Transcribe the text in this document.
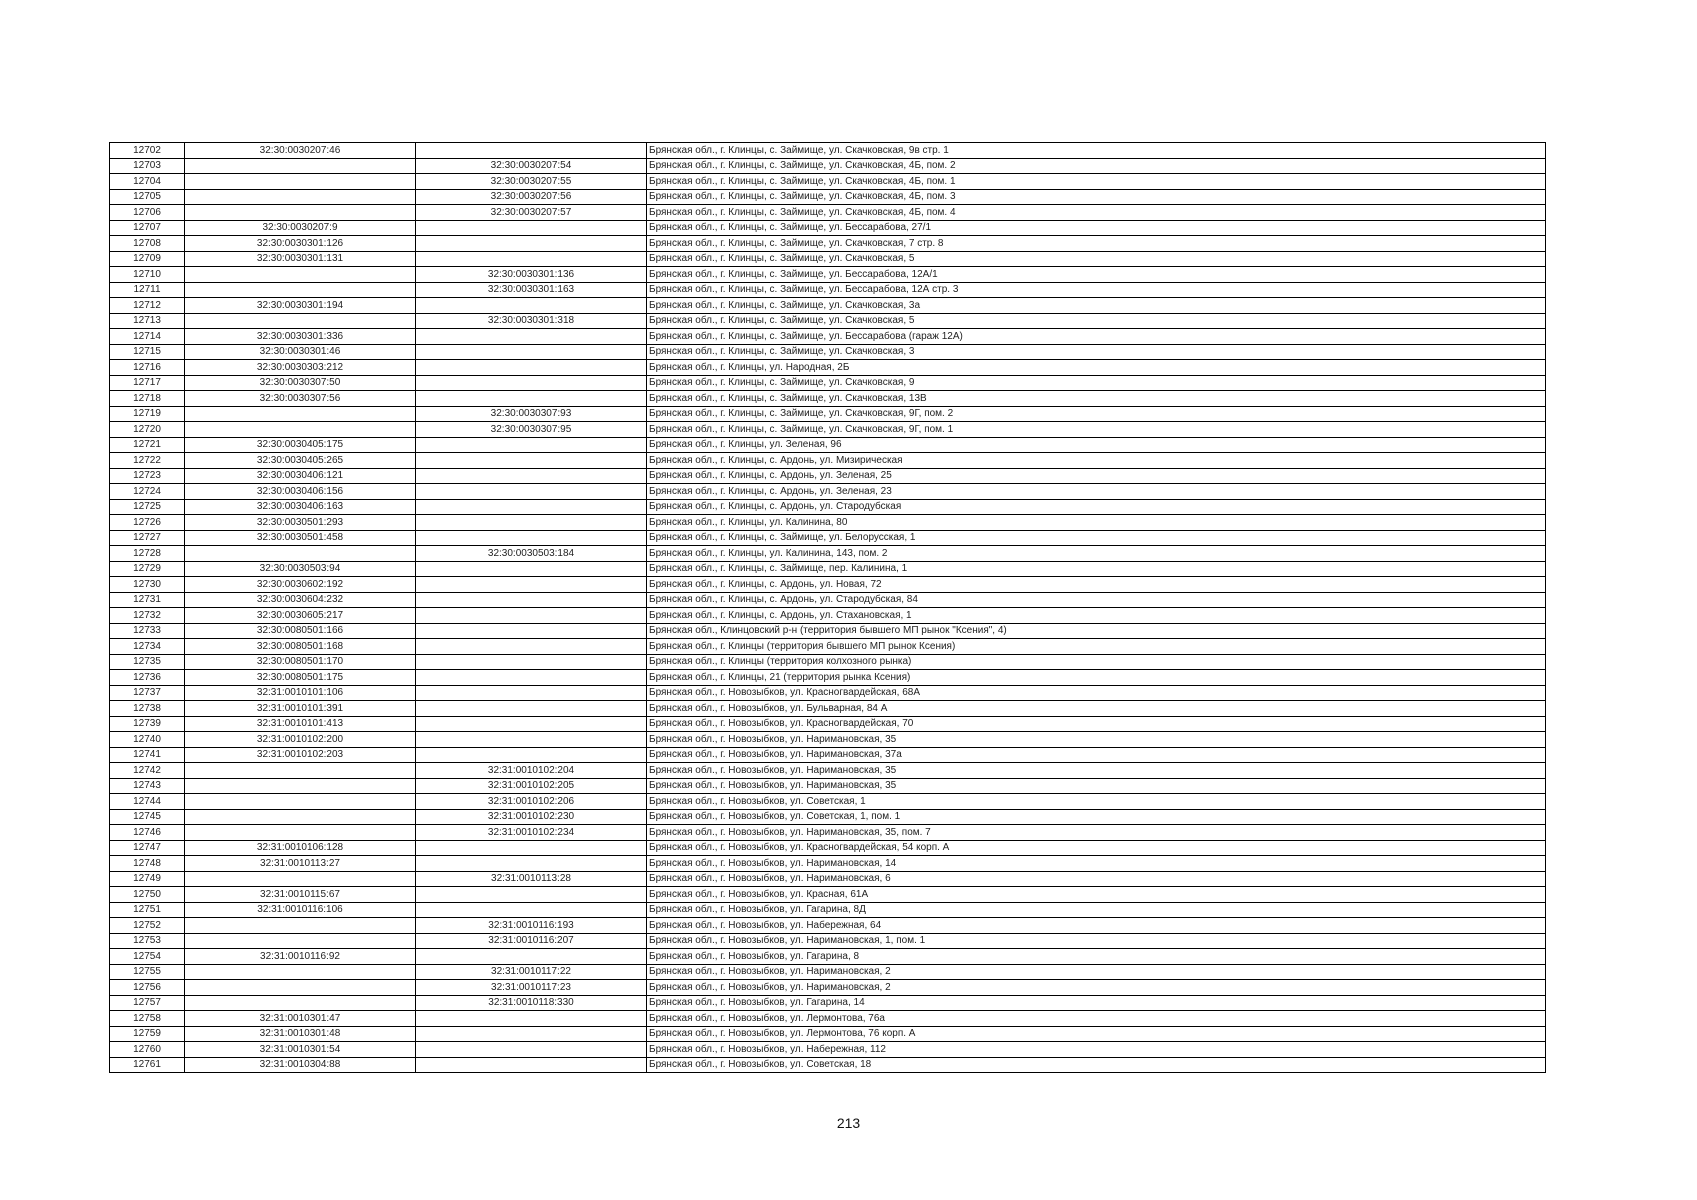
12702	32:30:0030207:46		Брянская обл., г. Клинцы, с. Займище, ул. Скачковская, 9в стр. 1
12703		32:30:0030207:54	Брянская обл., г. Клинцы, с. Займище, ул. Скачковская, 4Б, пом. 2
12704		32:30:0030207:55	Брянская обл., г. Клинцы, с. Займище, ул. Скачковская, 4Б, пом. 1
12705		32:30:0030207:56	Брянская обл., г. Клинцы, с. Займище, ул. Скачковская, 4Б, пом. 3
12706		32:30:0030207:57	Брянская обл., г. Клинцы, с. Займище, ул. Скачковская, 4Б, пом. 4
12707	32:30:0030207:9		Брянская обл., г. Клинцы, с. Займище, ул. Бессарабова, 27/1
12708	32:30:0030301:126		Брянская обл., г. Клинцы, с. Займище, ул. Скачковская, 7 стр. 8
12709	32:30:0030301:131		Брянская обл., г. Клинцы, с. Займище, ул. Скачковская, 5
12710		32:30:0030301:136	Брянская обл., г. Клинцы, с. Займище, ул. Бессарабова, 12А/1
12711		32:30:0030301:163	Брянская обл., г. Клинцы, с. Займище, ул. Бессарабова, 12А стр. 3
12712	32:30:0030301:194		Брянская обл., г. Клинцы, с. Займище, ул. Скачковская, 3а
12713		32:30:0030301:318	Брянская обл., г. Клинцы, с. Займище, ул. Скачковская, 5
12714	32:30:0030301:336		Брянская обл., г. Клинцы, с. Займище, ул. Бессарабова (гараж 12А)
12715	32:30:0030301:46		Брянская обл., г. Клинцы, с. Займище, ул. Скачковская, 3
12716	32:30:0030303:212		Брянская обл., г. Клинцы, ул. Народная, 2Б
12717	32:30:0030307:50		Брянская обл., г. Клинцы, с. Займище, ул. Скачковская, 9
12718	32:30:0030307:56		Брянская обл., г. Клинцы, с. Займище, ул. Скачковская, 13В
12719		32:30:0030307:93	Брянская обл., г. Клинцы, с. Займище, ул. Скачковская, 9Г, пом. 2
12720		32:30:0030307:95	Брянская обл., г. Клинцы, с. Займище, ул. Скачковская, 9Г, пом. 1
12721	32:30:0030405:175		Брянская обл., г. Клинцы, ул. Зеленая, 96
12722	32:30:0030405:265		Брянская обл., г. Клинцы, с. Ардонь, ул. Мизирическая
12723	32:30:0030406:121		Брянская обл., г. Клинцы, с. Ардонь, ул. Зеленая, 25
12724	32:30:0030406:156		Брянская обл., г. Клинцы, с. Ардонь, ул. Зеленая, 23
12725	32:30:0030406:163		Брянская обл., г. Клинцы, с. Ардонь, ул. Стародубская
12726	32:30:0030501:293		Брянская обл., г. Клинцы, ул. Калинина, 80
12727	32:30:0030501:458		Брянская обл., г. Клинцы, с. Займище, ул. Белорусская, 1
12728		32:30:0030503:184	Брянская обл., г. Клинцы, ул. Калинина, 143, пом. 2
12729	32:30:0030503:94		Брянская обл., г. Клинцы, с. Займище, пер. Калинина, 1
12730	32:30:0030602:192		Брянская обл., г. Клинцы, с. Ардонь, ул. Новая, 72
12731	32:30:0030604:232		Брянская обл., г. Клинцы, с. Ардонь, ул. Стародубская, 84
12732	32:30:0030605:217		Брянская обл., г. Клинцы, с. Ардонь, ул. Стахановская, 1
12733	32:30:0080501:166		Брянская обл., Клинцовский р-н (территория бывшего МП рынок "Ксения", 4)
12734	32:30:0080501:168		Брянская обл., г. Клинцы (территория бывшего МП рынок Ксения)
12735	32:30:0080501:170		Брянская обл., г. Клинцы (территория колхозного рынка)
12736	32:30:0080501:175		Брянская обл., г. Клинцы, 21 (территория рынка Ксения)
12737	32:31:0010101:106		Брянская обл., г. Новозыбков, ул. Красногвардейская, 68А
12738	32:31:0010101:391		Брянская обл., г. Новозыбков, ул. Бульварная, 84 А
12739	32:31:0010101:413		Брянская обл., г. Новозыбков, ул. Красногвардейская, 70
12740	32:31:0010102:200		Брянская обл., г. Новозыбков, ул. Наримановская, 35
12741	32:31:0010102:203		Брянская обл., г. Новозыбков, ул. Наримановская, 37а
12742		32:31:0010102:204	Брянская обл., г. Новозыбков, ул. Наримановская, 35
12743		32:31:0010102:205	Брянская обл., г. Новозыбков, ул. Наримановская, 35
12744		32:31:0010102:206	Брянская обл., г. Новозыбков, ул. Советская, 1
12745		32:31:0010102:230	Брянская обл., г. Новозыбков, ул. Советская, 1, пом. 1
12746		32:31:0010102:234	Брянская обл., г. Новозыбков, ул. Наримановская, 35, пом. 7
12747	32:31:0010106:128		Брянская обл., г. Новозыбков, ул. Красногвардейская, 54 корп. А
12748	32:31:0010113:27		Брянская обл., г. Новозыбков, ул. Наримановская, 14
12749		32:31:0010113:28	Брянская обл., г. Новозыбков, ул. Наримановская, 6
12750	32:31:0010115:67		Брянская обл., г. Новозыбков, ул. Красная, 61А
12751	32:31:0010116:106		Брянская обл., г. Новозыбков, ул. Гагарина, 8Д
12752		32:31:0010116:193	Брянская обл., г. Новозыбков, ул. Набережная, 64
12753		32:31:0010116:207	Брянская обл., г. Новозыбков, ул. Наримановская, 1, пом. 1
12754	32:31:0010116:92		Брянская обл., г. Новозыбков, ул. Гагарина, 8
12755		32:31:0010117:22	Брянская обл., г. Новозыбков, ул. Наримановская, 2
12756		32:31:0010117:23	Брянская обл., г. Новозыбков, ул. Наримановская, 2
12757		32:31:0010118:330	Брянская обл., г. Новозыбков, ул. Гагарина, 14
12758	32:31:0010301:47		Брянская обл., г. Новозыбков, ул. Лермонтова, 76а
12759	32:31:0010301:48		Брянская обл., г. Новозыбков, ул. Лермонтова, 76 корп. А
12760	32:31:0010301:54		Брянская обл., г. Новозыбков, ул. Набережная, 112
12761	32:31:0010304:88		Брянская обл., г. Новозыбков, ул. Советская, 18
213
